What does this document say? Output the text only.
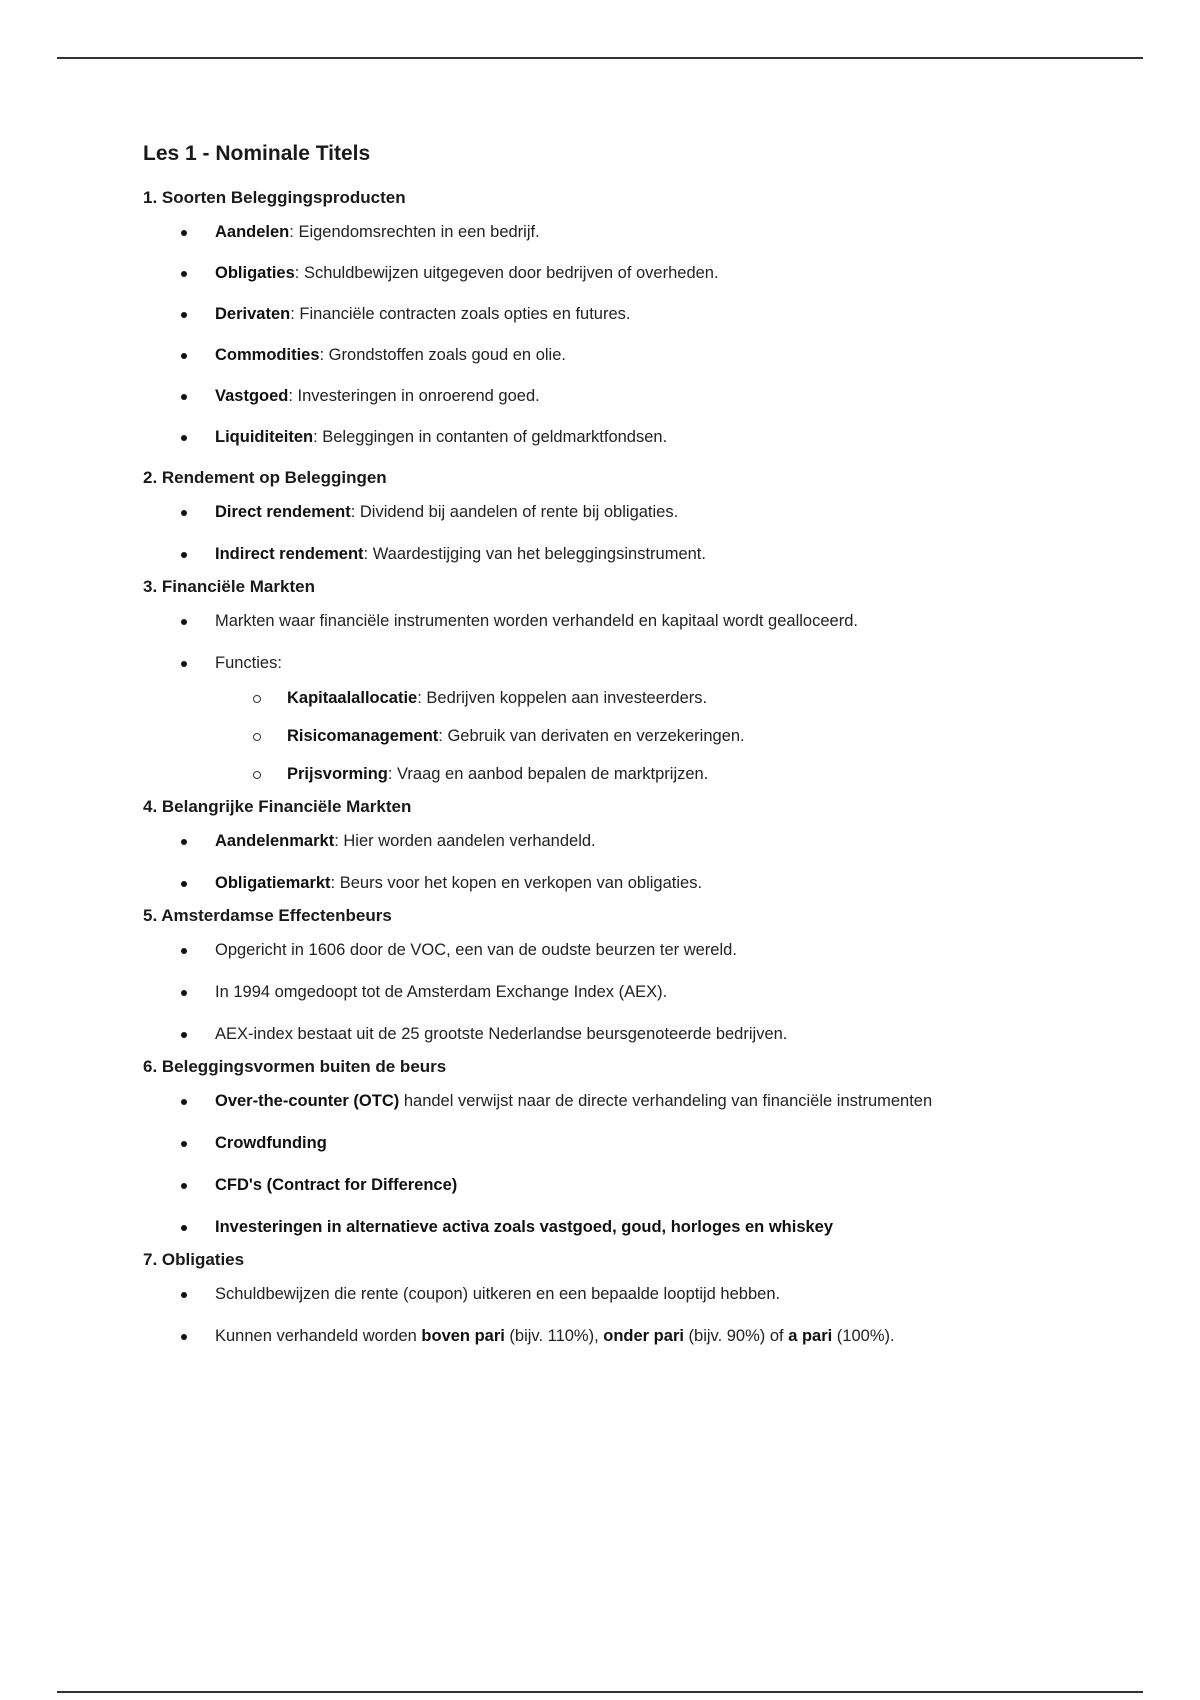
Les 1 - Nominale Titels
1. Soorten Beleggingsproducten
Aandelen: Eigendomsrechten in een bedrijf.
Obligaties: Schuldbewijzen uitgegeven door bedrijven of overheden.
Derivaten: Financiële contracten zoals opties en futures.
Commodities: Grondstoffen zoals goud en olie.
Vastgoed: Investeringen in onroerend goed.
Liquiditeiten: Beleggingen in contanten of geldmarktfondsen.
2. Rendement op Beleggingen
Direct rendement: Dividend bij aandelen of rente bij obligaties.
Indirect rendement: Waardestijging van het beleggingsinstrument.
3. Financiële Markten
Markten waar financiële instrumenten worden verhandeld en kapitaal wordt gealloceerd.
Functies:
Kapitaalallocatie: Bedrijven koppelen aan investeerders.
Risicomanagement: Gebruik van derivaten en verzekeringen.
Prijsvorming: Vraag en aanbod bepalen de marktprijzen.
4. Belangrijke Financiële Markten
Aandelenmarkt: Hier worden aandelen verhandeld.
Obligatiemarkt: Beurs voor het kopen en verkopen van obligaties.
5. Amsterdamse Effectenbeurs
Opgericht in 1606 door de VOC, een van de oudste beurzen ter wereld.
In 1994 omgedoopt tot de Amsterdam Exchange Index (AEX).
AEX-index bestaat uit de 25 grootste Nederlandse beursgenoteerde bedrijven.
6. Beleggingsvormen buiten de beurs
Over-the-counter (OTC) handel verwijst naar de directe verhandeling van financiële instrumenten
Crowdfunding
CFD's (Contract for Difference)
Investeringen in alternatieve activa zoals vastgoed, goud, horloges en whiskey
7. Obligaties
Schuldbewijzen die rente (coupon) uitkeren en een bepaalde looptijd hebben.
Kunnen verhandeld worden boven pari (bijv. 110%), onder pari (bijv. 90%) of a pari (100%).
